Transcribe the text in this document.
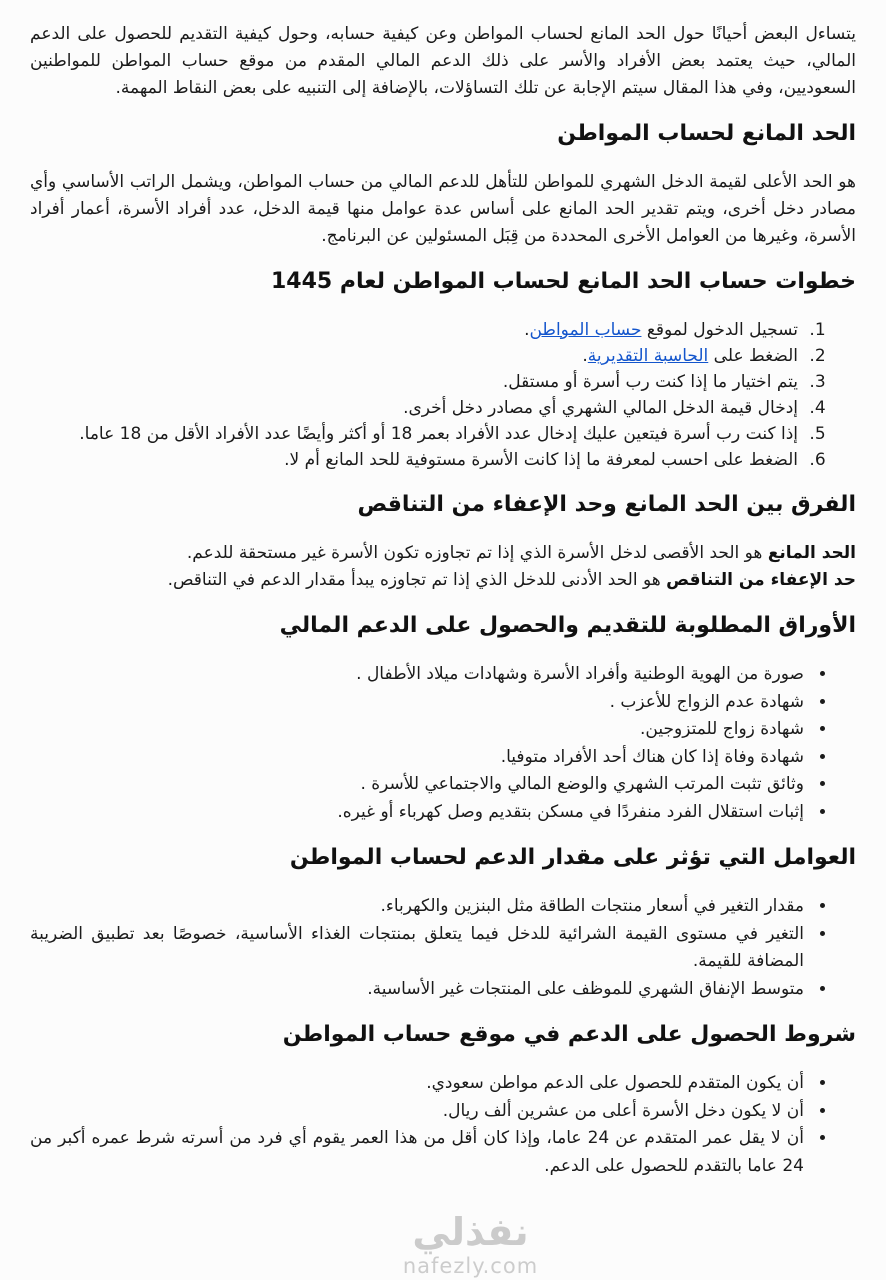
يتساءل البعض أحيانًا حول الحد المانع لحساب المواطن وعن كيفية حسابه، وحول كيفية التقديم للحصول على الدعم المالي، حيث يعتمد بعض الأفراد والأسر على ذلك الدعم المالي المقدم من موقع حساب المواطن للمواطنين السعوديين، وفي هذا المقال سيتم الإجابة عن تلك التساؤلات، بالإضافة إلى التنبيه على بعض النقاط المهمة.

الحد المانع لحساب المواطن

هو الحد الأعلى لقيمة الدخل الشهري للمواطن للتأهل للدعم المالي من حساب المواطن، ويشمل الراتب الأساسي وأي مصادر دخل أخرى، ويتم تقدير الحد المانع على أساس عدة عوامل منها قيمة الدخل، عدد أفراد الأسرة، أعمار أفراد الأسرة، وغيرها من العوامل الأخرى المحددة من قِبَل المسئولين عن البرنامج.

خطوات حساب الحد المانع لحساب المواطن لعام 1445
1. تسجيل الدخول لموقع حساب المواطن.
2. الضغط على الحاسبة التقديرية.
3. يتم اختيار ما إذا كنت رب أسرة أو مستقل.
4. إدخال قيمة الدخل المالي الشهري أي مصادر دخل أخرى.
5. إذا كنت رب أسرة فيتعين عليك إدخال عدد الأفراد بعمر 18 أو أكثر وأيضًا عدد الأفراد الأقل من 18 عاما.
6. الضغط على احسب لمعرفة ما إذا كانت الأسرة مستوفية للحد المانع أم لا.
الفرق بين الحد المانع وحد الإعفاء من التناقص

الحد المانع هو الحد الأقصى لدخل الأسرة الذي إذا تم تجاوزه تكون الأسرة غير مستحقة للدعم.

حد الإعفاء من التناقص هو الحد الأدنى للدخل الذي إذا تم تجاوزه يبدأ مقدار الدعم في التناقص.

الأوراق المطلوبة للتقديم والحصول على الدعم المالي
• صورة من الهوية الوطنية وأفراد الأسرة وشهادات ميلاد الأطفال .
• شهادة عدم الزواج للأعزب .
• شهادة زواج للمتزوجين.
• شهادة وفاة إذا كان هناك أحد الأفراد متوفيا.
• وثائق تثبت المرتب الشهري والوضع المالي والاجتماعي للأسرة .
• إثبات استقلال الفرد منفردًا في مسكن بتقديم وصل كهرباء أو غيره.
العوامل التي تؤثر على مقدار الدعم لحساب المواطن
• مقدار التغير في أسعار منتجات الطاقة مثل البنزين والكهرباء.
• التغير في مستوى القيمة الشرائية للدخل فيما يتعلق بمنتجات الغذاء الأساسية، خصوصًا بعد تطبيق الضريبة المضافة للقيمة.
• متوسط الإنفاق الشهري للموظف على المنتجات غير الأساسية.
شروط الحصول على الدعم في موقع حساب المواطن
• أن يكون المتقدم للحصول على الدعم مواطن سعودي.
• أن لا يكون دخل الأسرة أعلى من عشرين ألف ريال.
• أن لا يقل عمر المتقدم عن 24 عاما، وإذا كان أقل من هذا العمر يقوم أي فرد من أسرته شرط عمره أكبر من 24 عاما بالتقدم للحصول على الدعم.
نفذلي
nafezly.com
